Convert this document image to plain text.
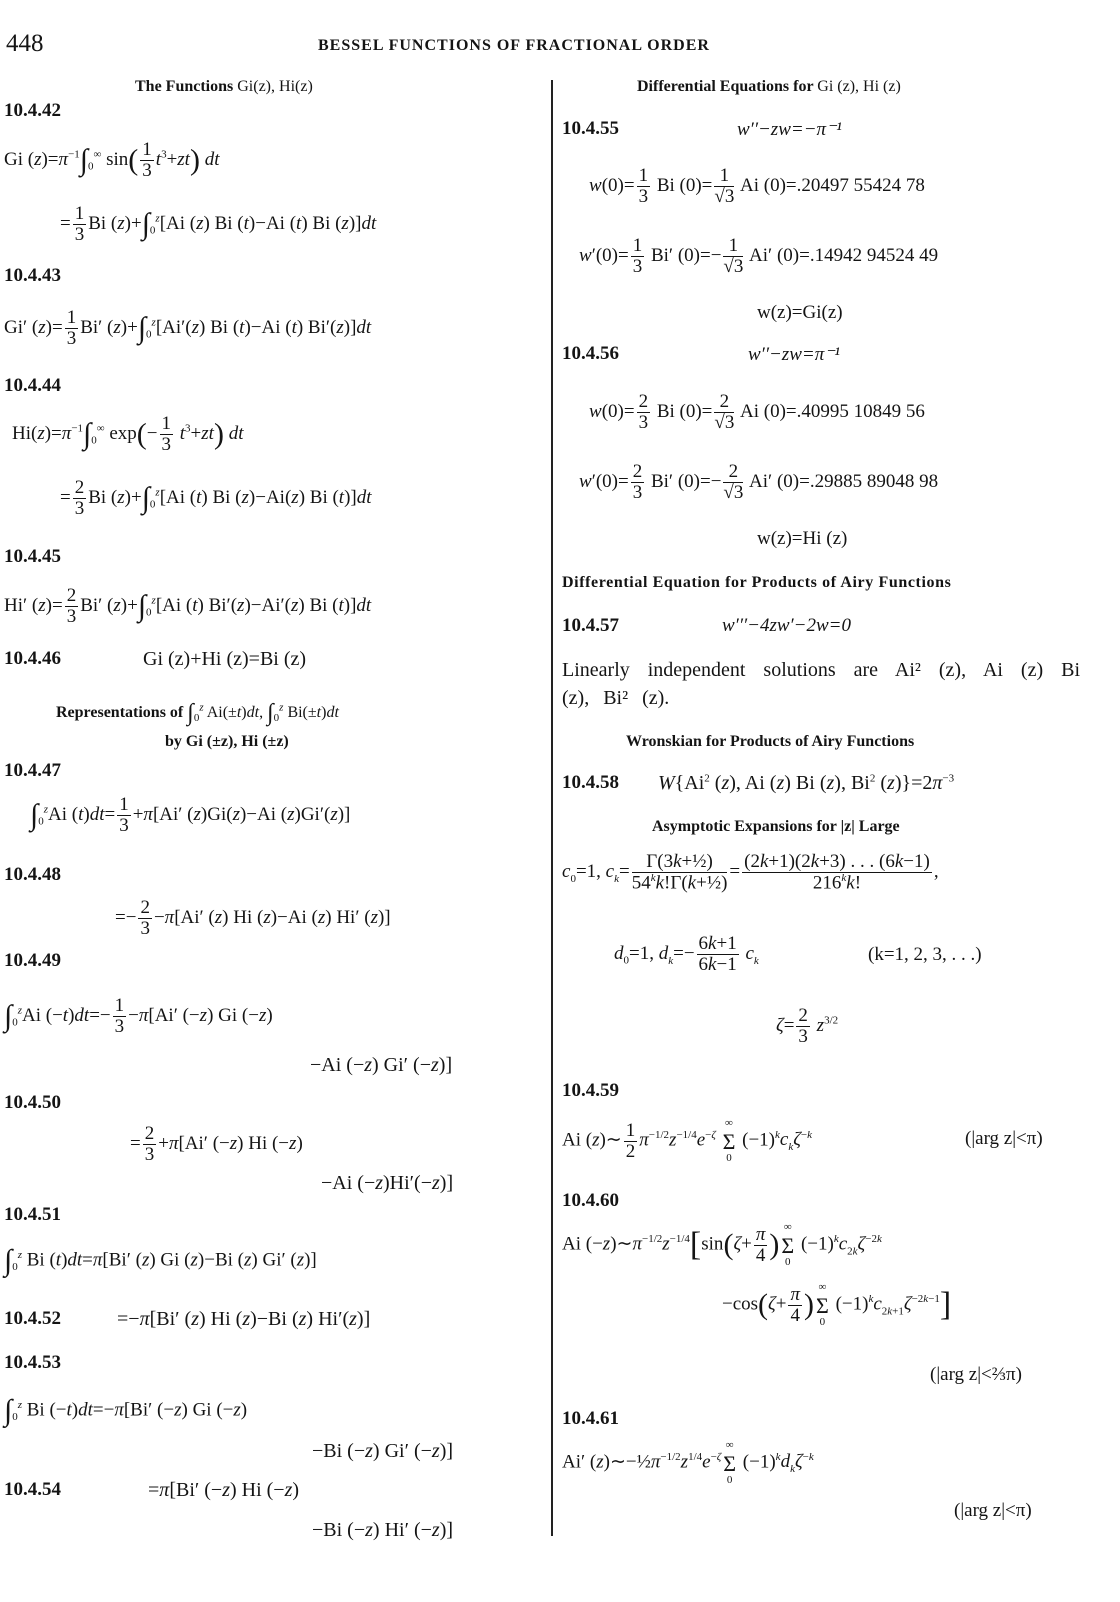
448	BESSEL FUNCTIONS OF FRACTIONAL ORDER
The Functions Gi(z), Hi(z)
10.4.42
Gi $(z)=\pi^{-1}\int_0^\infty$ $\sin( \frac{1}{3} t^3+zt)$ dt
= $\frac{1}{3}$ Bi $(z)+\int_0^z[Ai$ (z) Bi (t)−Ai (t) Bi (z)]dt
10.4.43
Gi′ $(z)= \frac{1}{3} Bi'$ $(z)+\int_0^z[Ai'(z)$ Bi (t)−Ai (t) Bi′(z)]dt
10.4.44
$Hi(z)=\pi^{-1}\int_0^\infty$ $\exp(- \frac{1}{3} t^3+zt)$ dt
= $\frac{2}{3}$ Bi $(z)+\int_0^z[Ai$ (t) Bi (z)−Ai(z) Bi (t)]dt
10.4.45
Hi′ $(z)= \frac{2}{3} Bi'$ $(z)+\int_0^z[Ai$ (t) Bi′(z)−Ai′(z) Bi (t)]dt
10.4.46	Gi (z)+Hi (z)=Bi (z)
Representations of $\int_0^z$ Ai(±t)dt, $\int_0^z$ Bi(±t)dt
by Gi (±z), Hi (±z)
10.4.47
$\int_0^zAi$ $(t)dt= \frac{1}{3} +\pi[Ai'$ (z)Gi(z)−Ai (z)Gi′(z)]
10.4.48
=− $\frac{2}{3} -\pi[Ai'$ (z) Hi (z)−Ai (z) Hi′ (z)]
10.4.49
$\int_0^zAi$ $(-t)dt=- \frac{1}{3} -\pi[Ai'$ (−z) Gi (−z)
−Ai (−z) Gi′ (−z)]
10.4.50
= $\frac{2}{3} +\pi[Ai'$ (−z) Hi (−z)
−Ai (−z)Hi′(−z)]
10.4.51
$\int_0^z$ Bi (t)dt=π[Bi′ (z) Gi (z)−Bi (z) Gi′ (z)]
10.4.52	=−π[Bi′ (z) Hi (z)−Bi (z) Hi′(z)]
10.4.53
$\int_0^z$ Bi (−t)dt=−π[Bi′ (−z) Gi (−z)
−Bi (−z) Gi′ (−z)]
10.4.54	=π[Bi′ (−z) Hi (−z)
−Bi (−z) Hi′ (−z)]
Differential Equations for Gi (z), Hi (z)
10.4.55	w′′−zw=−π⁻¹
$w(0)= \frac{1}{3}$ Bi $(0)= \frac{1}{√3}$ Ai (0)=.20497 55424 78
$w'(0)= \frac{1}{3} Bi'$ $(0)=- \frac{1}{√3} Ai'$ (0)=.14942 94524 49
w(z)=Gi(z)
10.4.56	w′′−zw=π⁻¹
$w(0)= \frac{2}{3}$ Bi $(0)= \frac{2}{√3}$ Ai (0)=.40995 10849 56
$w'(0)= \frac{2}{3} Bi'$ $(0)=- \frac{2}{√3} Ai'$ (0)=.29885 89048 98
w(z)=Hi (z)
Differential Equation for Products of Airy Functions
10.4.57	w′′′−4zw′−2w=0
Linearly independent solutions are Ai² (z), Ai (z) Bi (z), Bi² (z).
Wronskian for Products of Airy Functions
10.4.58 W{Ai$^2$ (z), Ai (z) Bi (z), Bi$^2$ $(z)\}=2\pi^{-3}$
Asymptotic Expansions for |z| Large
$c_0=1$, $c_k= \frac{\text{Γ(3k+½)}}{54^kk!\Gamma(k+\frac{1}{2})} = \frac{(2k+1)(2k+3) . . . (6k-1)}{216^kk!}$ ,
$d_0=1$, $d_k=- \frac{6k+1}{6k-1} c_k$	(k=1, 2, 3, . . .)
$\zeta= \frac{2}{3} z^{3/2}$
10.4.59
Ai (z)∼ $\frac{1}{2} \pi^{-1/2}z^{-1/4}e^{-\zeta}$
∞
Σ
0
$(-1)^kc_k\zeta^{-k}$	(|arg z|<π)
10.4.60
Ai $(-z)\sim\pi^{-1/2}z^{-1/4}[\sin(\zeta+ \frac{\pi}{4}$ )
∞
Σ
0
$(-1)^kc_{2k}\zeta^{-2k}$
$-\cos(\zeta+ \frac{\pi}{4}$ )
∞
Σ
0
$(-1)^kc_{2k+1}\zeta^{-2k-1}$]
(|arg z|<⅔π)
10.4.61
Ai′ $(z)\sim-\frac{1}{2}\pi^{-1/2}z^{1/4}e^{-\zeta}$
∞
Σ
0
$(-1)^kd_k\zeta^{-k}$
(|arg z|<π)
